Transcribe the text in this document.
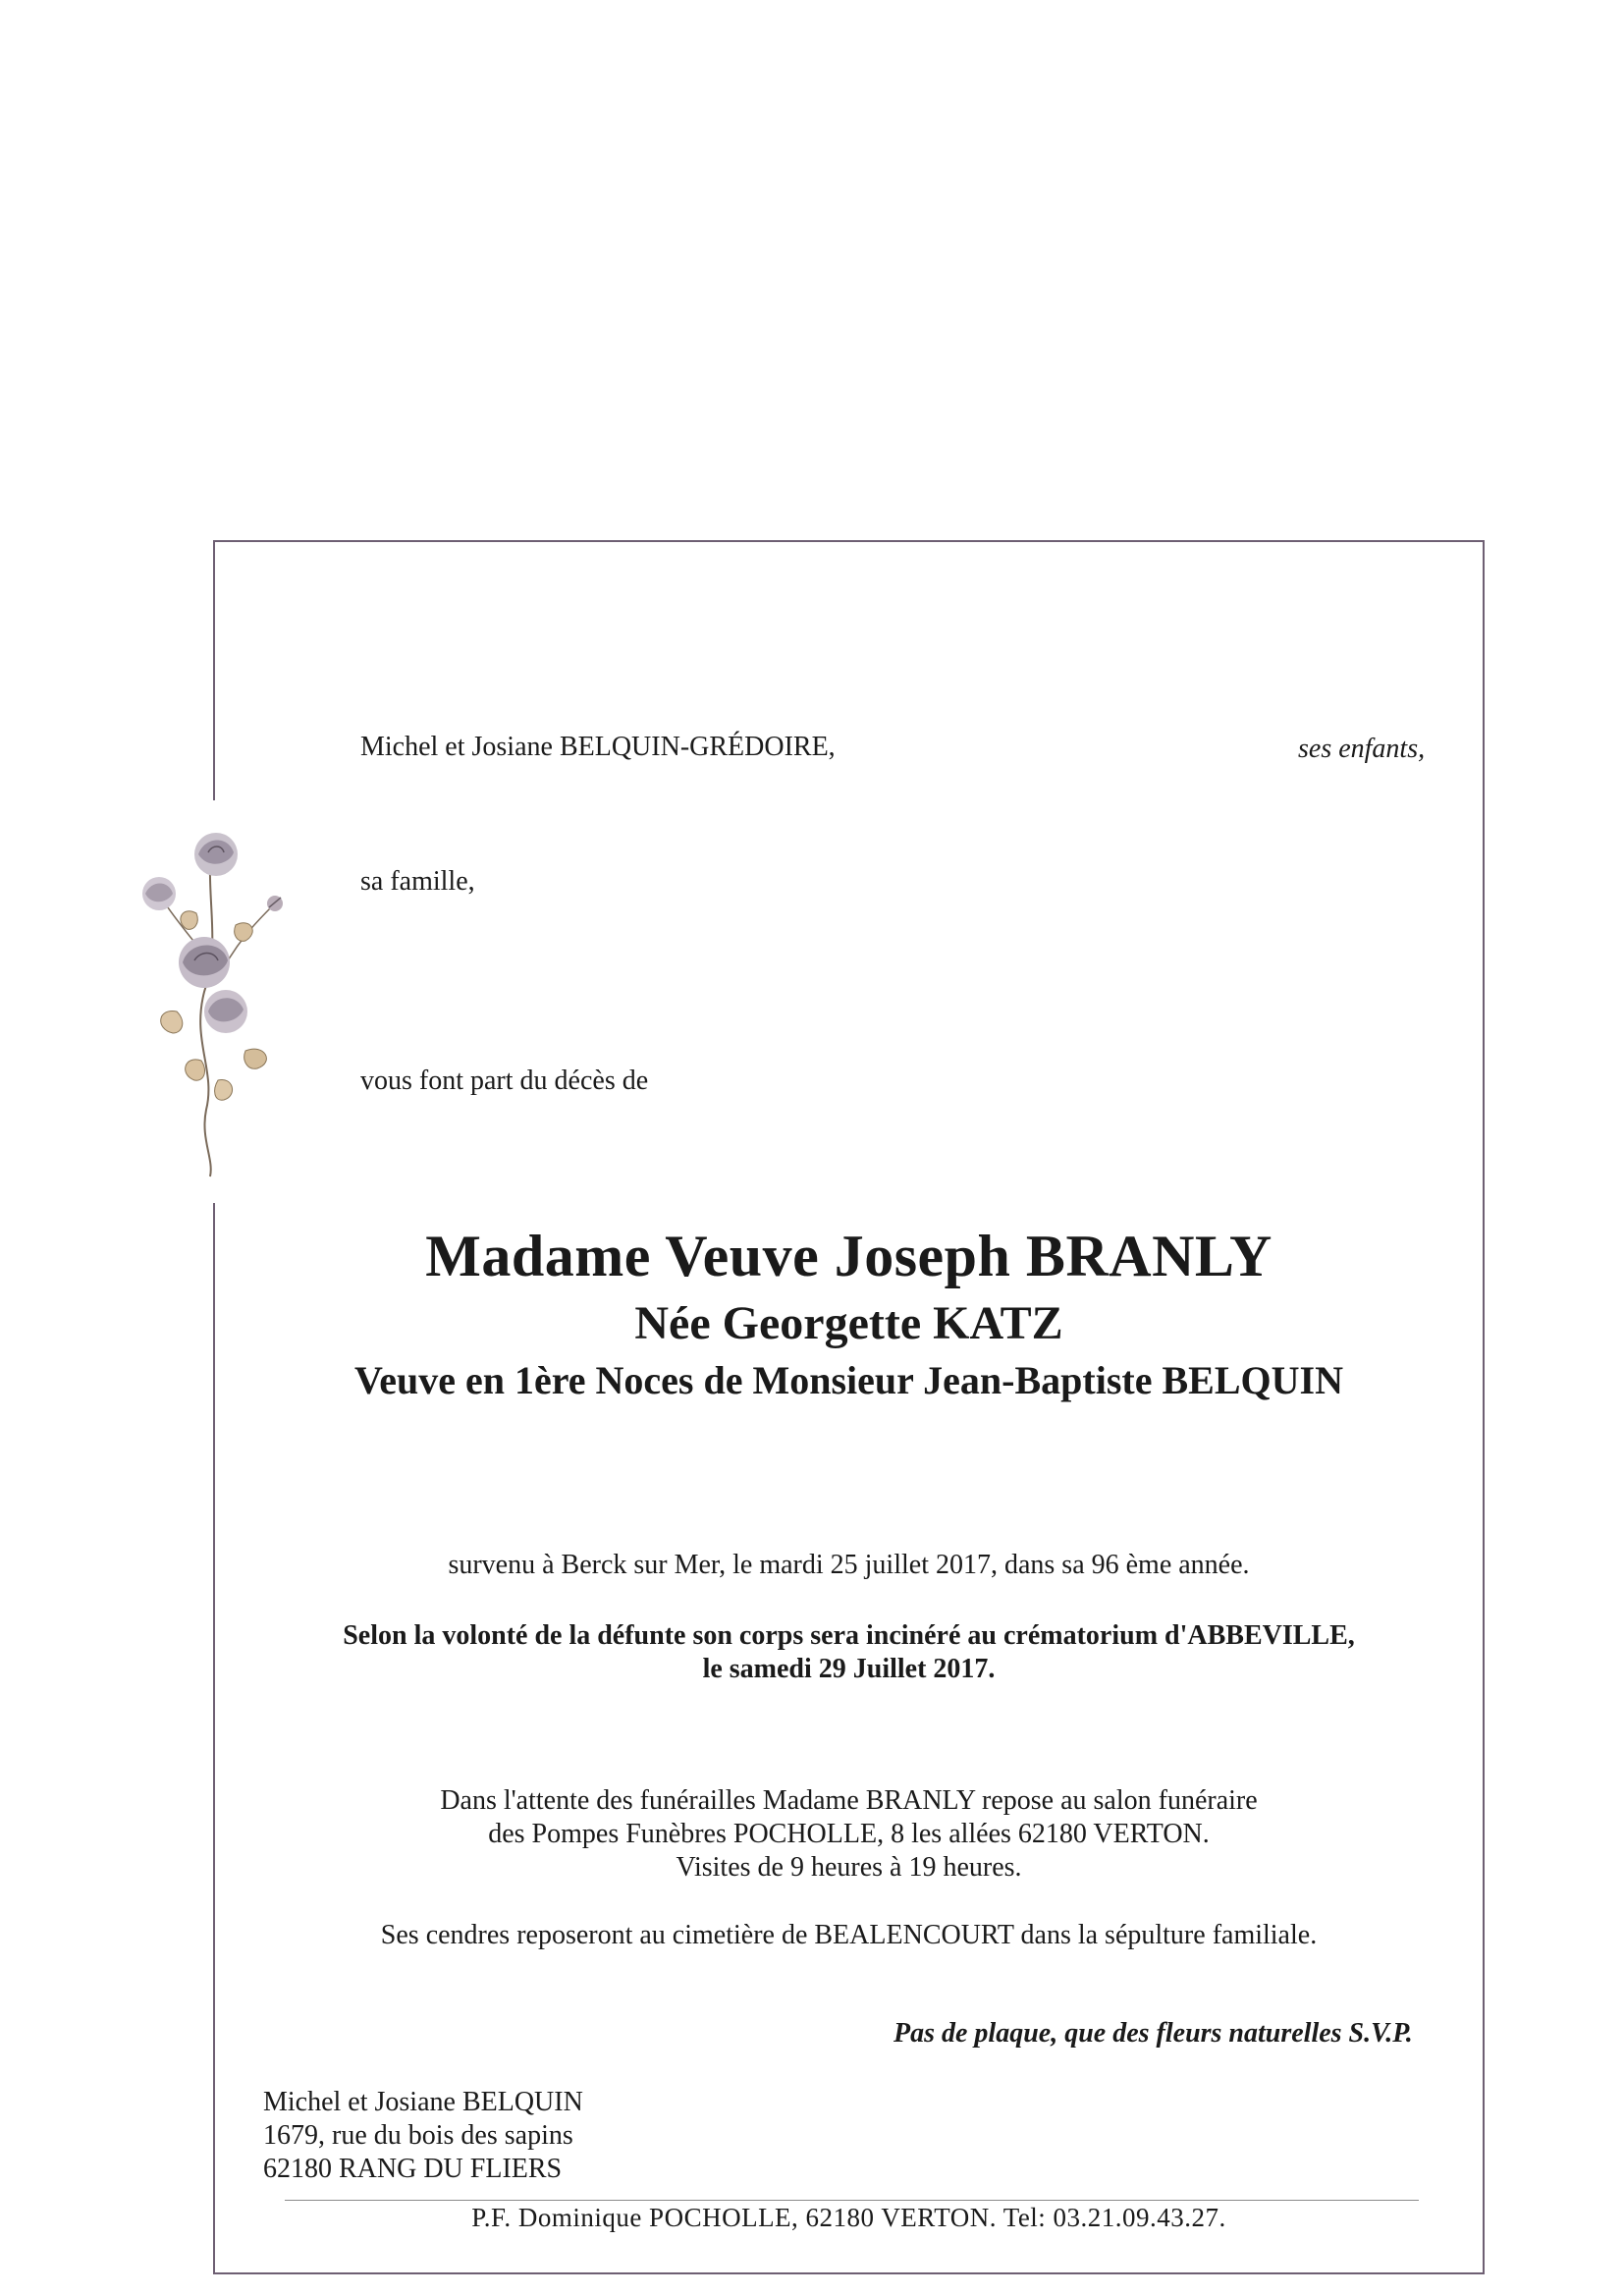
Michel et Josiane BELQUIN-GRÉDOIRE,	ses enfants,
sa famille,
vous font part du décès de
Madame Veuve Joseph BRANLY
Née Georgette KATZ
Veuve en 1ère Noces de Monsieur Jean-Baptiste BELQUIN
survenu à Berck sur Mer, le mardi 25 juillet 2017, dans sa 96 ème année.
Selon la volonté de la défunte son corps sera incinéré au crématorium d'ABBEVILLE,
le samedi 29 Juillet 2017.
Dans l'attente des funérailles Madame BRANLY repose au salon funéraire
des Pompes Funèbres POCHOLLE, 8 les allées 62180 VERTON.
Visites de 9 heures à 19 heures.
Ses cendres reposeront au cimetière de BEALENCOURT dans la sépulture familiale.
Pas de plaque, que des fleurs naturelles S.V.P.
Michel et Josiane BELQUIN
1679, rue du bois des sapins
62180 RANG DU FLIERS
P.F. Dominique POCHOLLE, 62180 VERTON. Tel: 03.21.09.43.27.
